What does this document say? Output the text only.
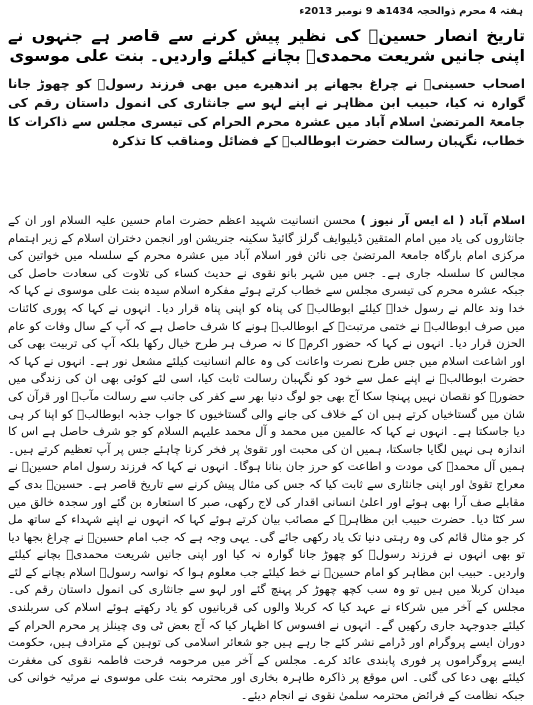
ہفتہ 4 محرم ذوالحجہ 1434ھ 9 نومبر 2013ء
تاریخ انصار حسینؑ کی نظیر پیش کرنے سے قاصر ہے جنہوں نے اپنی جانیں شریعت محمدیؐ بچانے کیلئے واردیں۔ بنت علی موسوی
اصحاب حسینیؑ نے چراغ بجھانے پر اندھیرے میں بھی فرزند رسولؐ کو چھوڑ جانا گوارہ نہ کیا، حبیب ابن مظاہر نے اپنے لہو سے جانثاری کی انمول داستان رقم کی جامعۃ المرتضیٰ اسلام آباد میں عشرہ محرم الحرام کی تیسری مجلس سے ذاکرات کا خطاب، نگہبان رسالت حضرت ابوطالبؑ کے فضائل ومناقب کا تذکرہ

اسلام آباد ( اے ایس آر نیوز ) محسن انسانیت شہید اعظم حضرت امام حسین علیہ السلام اور ان کے جانثاروں کی یاد میں امام المتقین ڈیلیوایف گرلز گائیڈ سکینہ جنریشن اور انجمن دختران اسلام کے زیر اہتمام مرکزی امام بارگاہ جامعۃ المرتضیٰ جی نائن فور اسلام آباد میں عشرہ محرم کے سلسلہ میں خواتین کی مجالس کا سلسلہ جاری ہے۔ جس میں شہر بانو نقوی نے حدیث کساء کی تلاوت کی سعادت حاصل کی جبکہ عشرہ محرم کی تیسری مجلس سے خطاب کرتے ہوئے مفکرہ اسلام سیدہ بنت علی موسوی نے کہا کہ خدا وند عالم نے رسول خداؐ کیلئے ابوطالبؑ کی پناہ کو اپنی پناہ قرار دیا۔ انہوں نے کہا کہ پوری کائنات میں صرف ابوطالبؑ نے ختمی مرتبتؐ کے ابوطالبؑ ہونے کا شرف حاصل ہے کہ آپ کے سال وفات کو عام الحزن قرار دیا۔ انہوں نے کہا کہ حضور اکرمؐ کا نہ صرف ہر طرح خیال رکھا بلکہ آپ کی تربیت بھی کی اور اشاعت اسلام میں جس طرح نصرت واعانت کی وہ عالم انسانیت کیلئے مشعل نور ہے۔ انہوں نے کہا کہ حضرت ابوطالبؑ نے اپنے عمل سے خود کو نگہبان رسالت ثابت کیا، اسی لئے کوئی بھی ان کی زندگی میں حضورؐ کو نقصان نہیں پہنچا سکا آج بھی جو لوگ دنیا بھر سے کفر کی جانب سے رسالت مآبؐ اور قرآن کی شان میں گستاخیاں کرتے ہیں ان کے خلاف کی جانے والی گستاخیوں کا جواب جذبہ ابوطالبؑ کو اپنا کر ہی دیا جاسکتا ہے۔ انہوں نے کہا کہ عالمین میں محمد و آل محمد علیہم السلام کو جو شرف حاصل ہے اس کا اندازہ ہی نہیں لگایا جاسکتا، ہمیں ان کی محبت اور تقویٰ پر فخر کرنا چاہئے جس پر آپ تعظیم کرتے ہیں۔ ہمیں آل محمدؐ کی مودت و اطاعت کو حرز جان بنانا ہوگا۔ انہوں نے کہا کہ فرزند رسول امام حسینؑ نے معراج تقویٰ اور اپنی جانثاری سے ثابت کیا کہ جس کی مثال پیش کرنے سے تاریخ قاصر ہے۔ حسینؑ بدی کے مقابلے صف آرا بھی ہوئے اور اعلیٰ انسانی اقدار کی لاج رکھی، صبر کا استعارہ بن گئے اور سجدہ خالق میں سر کٹا دیا۔ حضرت حبیب ابن مظاہرؓ کے مصائب بیان کرتے ہوئے کہا کہ انہوں نے اپنے شہداء کے ساتھ مل کر جو مثال قائم کی وہ رہتی دنیا تک یاد رکھی جائے گی۔ یہی وجہ ہے کہ جب امام حسینؑ نے چراغ بجھا دیا تو بھی انہوں نے فرزند رسولؐ کو چھوڑ جانا گوارہ نہ کیا اور اپنی جانیں شریعت محمدیؐ بچانے کیلئے واردیں۔ حبیب ابن مظاہر کو امام حسینؑ نے خط کیلئے جب معلوم ہوا کہ نواسہ رسولؐ اسلام بچانے کے لئے میدان کربلا میں ہیں تو وہ سب کچھ چھوڑ کر پہنچ گئے اور لہو سے جانثاری کی انمول داستان رقم کی۔ مجلس کے آخر میں شرکاء نے عہد کیا کہ کربلا والوں کی قربانیوں کو یاد رکھتے ہوئے اسلام کی سربلندی کیلئے جدوجہد جاری رکھیں گے۔ انہوں نے افسوس کا اظہار کیا کہ آج بعض ٹی وی چینلز پر محرم الحرام کے دوران ایسے پروگرام اور ڈرامے نشر کئے جا رہے ہیں جو شعائر اسلامی کی توہین کے مترادف ہیں، حکومت ایسے پروگراموں پر فوری پابندی عائد کرے۔ مجلس کے آخر میں مرحومہ فرحت فاطمہ نقوی کی مغفرت کیلئے بھی دعا کی گئی۔ اس موقع پر ذاکرہ طاہرہ بخاری اور محترمہ بنت علی موسوی نے مرثیہ خوانی کی جبکہ نظامت کے فرائض محترمہ سلمیٰ نقوی نے انجام دیئے۔
